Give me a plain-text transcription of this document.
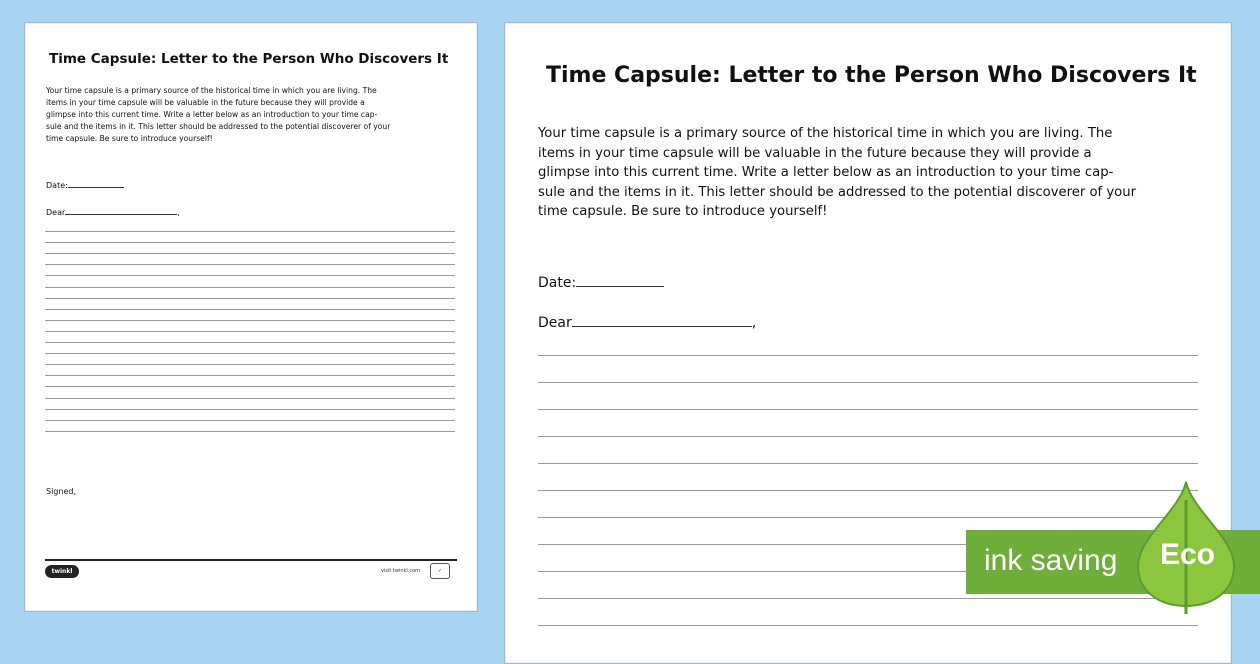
Time Capsule: Letter to the Person Who Discovers It
Your time capsule is a primary source of the historical time in which you are living. The
items in your time capsule will be valuable in the future because they will provide a
glimpse into this current time. Write a letter below as an introduction to your time cap-
sule and the items in it. This letter should be addressed to the potential discoverer of your
time capsule. Be sure to introduce yourself!
Date:
Dear	,
Signed,
twinkl	visit twinkl.com	✓
Time Capsule: Letter to the Person Who Discovers It
Your time capsule is a primary source of the historical time in which you are living. The
items in your time capsule will be valuable in the future because they will provide a
glimpse into this current time. Write a letter below as an introduction to your time cap-
sule and the items in it. This letter should be addressed to the potential discoverer of your
time capsule. Be sure to introduce yourself!
Date:
Dear	,
ink saving Eco
